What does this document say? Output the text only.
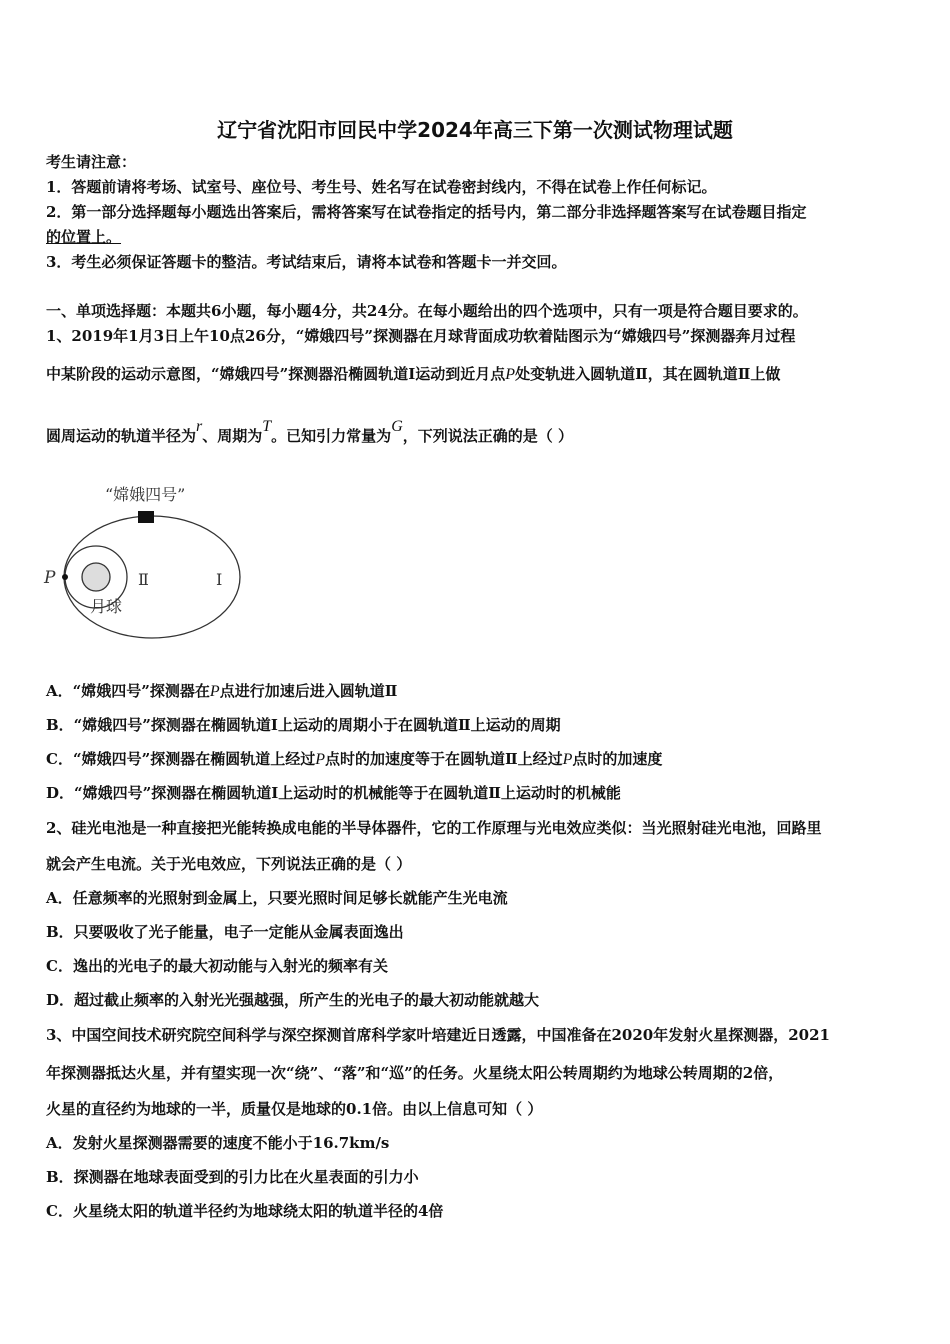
辽宁省沈阳市回民中学2024年高三下第一次测试物理试题
考生请注意：
1．答题前请将考场、试室号、座位号、考生号、姓名写在试卷密封线内，不得在试卷上作任何标记。
2．第一部分选择题每小题选出答案后，需将答案写在试卷指定的括号内，第二部分非选择题答案写在试卷题目指定
的位置上。
3．考生必须保证答题卡的整洁。考试结束后，请将本试卷和答题卡一并交回。
一、单项选择题：本题共6小题，每小题4分，共24分。在每小题给出的四个选项中，只有一项是符合题目要求的。
1、2019年1月3日上午10点26分，“嫦娥四号”探测器在月球背面成功软着陆图示为“嫦娥四号”探测器奔月过程
中某阶段的运动示意图，“嫦娥四号”探测器沿椭圆轨道Ⅰ运动到近月点P处变轨进入圆轨道Ⅱ，其在圆轨道Ⅱ上做
圆周运动的轨道半径为r、周期为T。已知引力常量为G，下列说法正确的是（ ）
“嫦娥四号”
P	Ⅱ	Ⅰ
月球
A．“嫦娥四号”探测器在P点进行加速后进入圆轨道Ⅱ
B．“嫦娥四号”探测器在椭圆轨道Ⅰ上运动的周期小于在圆轨道Ⅱ上运动的周期
C．“嫦娥四号”探测器在椭圆轨道上经过P点时的加速度等于在圆轨道Ⅱ上经过P点时的加速度
D．“嫦娥四号”探测器在椭圆轨道Ⅰ上运动时的机械能等于在圆轨道Ⅱ上运动时的机械能
2、硅光电池是一种直接把光能转换成电能的半导体器件，它的工作原理与光电效应类似：当光照射硅光电池，回路里
就会产生电流。关于光电效应，下列说法正确的是（ ）
A．任意频率的光照射到金属上，只要光照时间足够长就能产生光电流
B．只要吸收了光子能量，电子一定能从金属表面逸出
C．逸出的光电子的最大初动能与入射光的频率有关
D．超过截止频率的入射光光强越强，所产生的光电子的最大初动能就越大
3、中国空间技术研究院空间科学与深空探测首席科学家叶培建近日透露，中国准备在2020年发射火星探测器，2021
年探测器抵达火星，并有望实现一次“绕”、“落”和“巡”的任务。火星绕太阳公转周期约为地球公转周期的2倍，
火星的直径约为地球的一半，质量仅是地球的0.1倍。由以上信息可知（ ）
A．发射火星探测器需要的速度不能小于16.7km/s
B．探测器在地球表面受到的引力比在火星表面的引力小
C．火星绕太阳的轨道半径约为地球绕太阳的轨道半径的4倍
